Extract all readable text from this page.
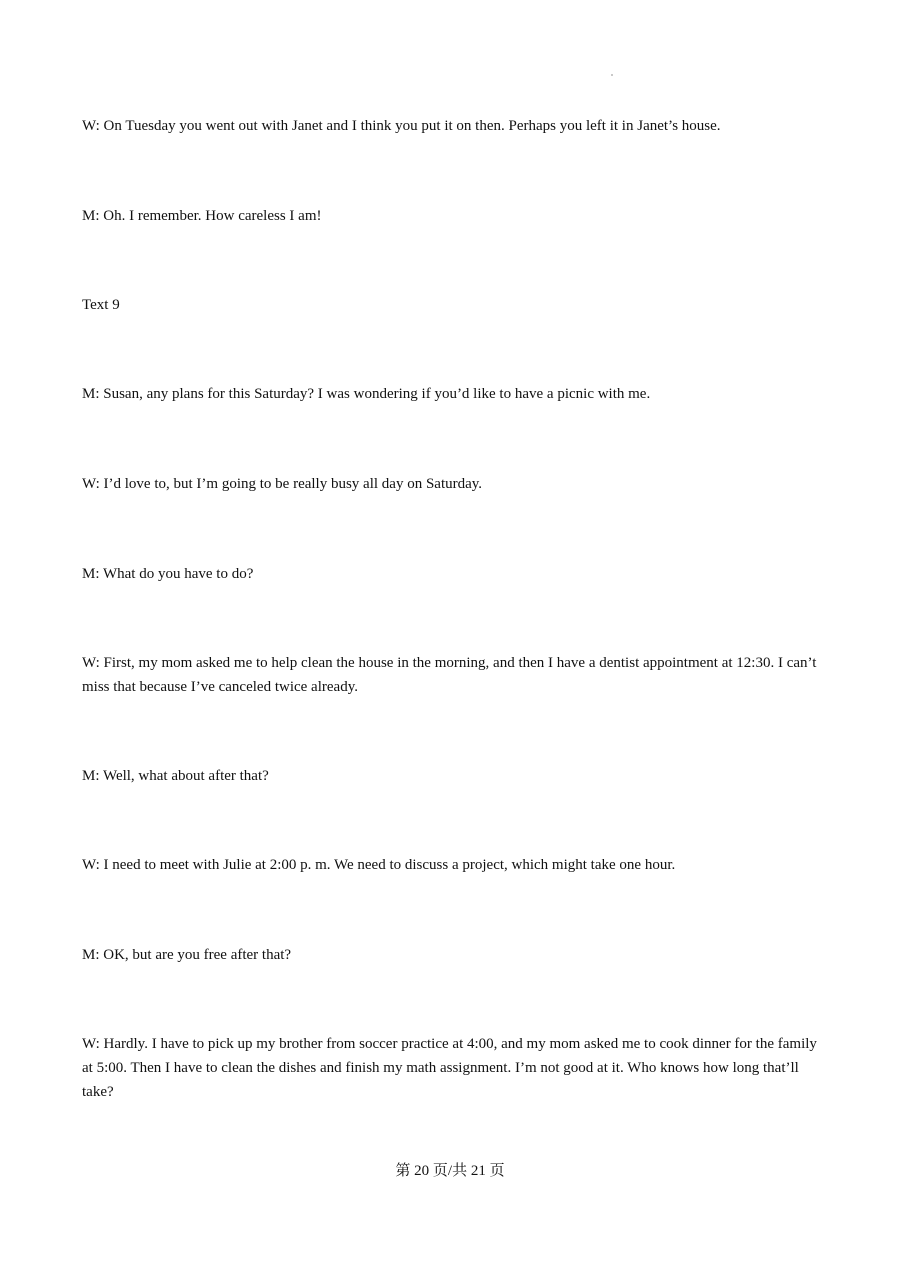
W: On Tuesday you went out with Janet and I think you put it on then. Perhaps you left it in Janet’s house.

M: Oh. I remember. How careless I am!

Text 9

M: Susan, any plans for this Saturday? I was wondering if you’d like to have a picnic with me.

W: I’d love to, but I’m going to be really busy all day on Saturday.

M: What do you have to do?

W: First, my mom asked me to help clean the house in the morning, and then I have a dentist appointment at 12:30. I can’t miss that because I’ve canceled twice already.

M: Well, what about after that?

W: I need to meet with Julie at 2:00 p. m. We need to discuss a project, which might take one hour.

M: OK, but are you free after that?

W: Hardly. I have to pick up my brother from soccer practice at 4:00, and my mom asked me to cook dinner for the family at 5:00. Then I have to clean the dishes and finish my math assignment. I’m not good at it. Who knows how long that’ll take?

第 20 页/共 21 页
